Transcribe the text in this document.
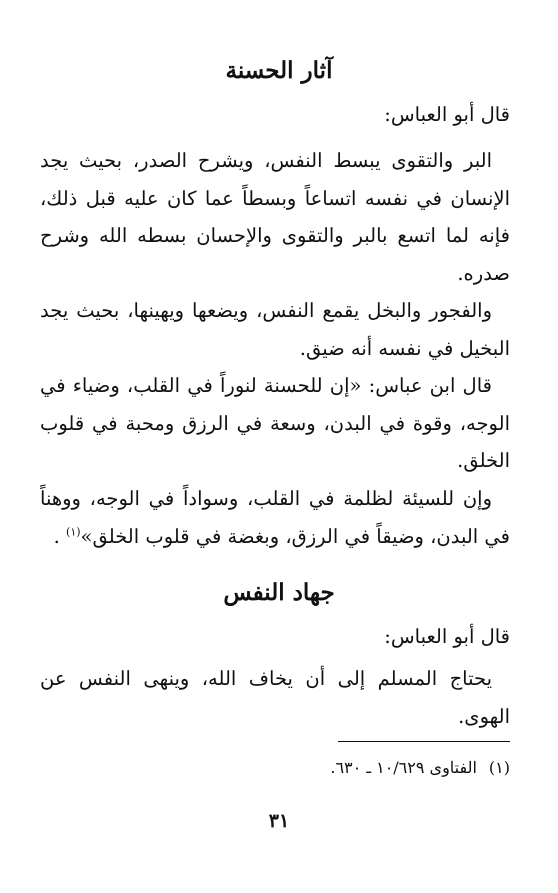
آثار الحسنة

قال أبو العباس:

البر والتقوى يبسط النفس، ويشرح الصدر، بحيث يجد الإنسان في نفسه اتساعاً وبسطاً عما كان عليه قبل ذلك، فإنه لما اتسع بالبر والتقوى والإحسان بسطه الله وشرح صدره.

والفجور والبخل يقمع النفس، ويضعها ويهينها، بحيث يجد البخيل في نفسه أنه ضيق.

قال ابن عباس: «إن للحسنة لنوراً في القلب، وضياء في الوجه، وقوة في البدن، وسعة في الرزق ومحبة في قلوب الخلق.

وإن للسيئة لظلمة في القلب، وسواداً في الوجه، ووهناً في البدن، وضيقاً في الرزق، وبغضة في قلوب الخلق»$^{(١)}$ .

جهاد النفس

قال أبو العباس:

يحتاج المسلم إلى أن يخاف الله، وينهى النفس عن الهوى.

(١)الفتاوى ١٠/٦٢٩ ـ ٦٣٠.

٣١
